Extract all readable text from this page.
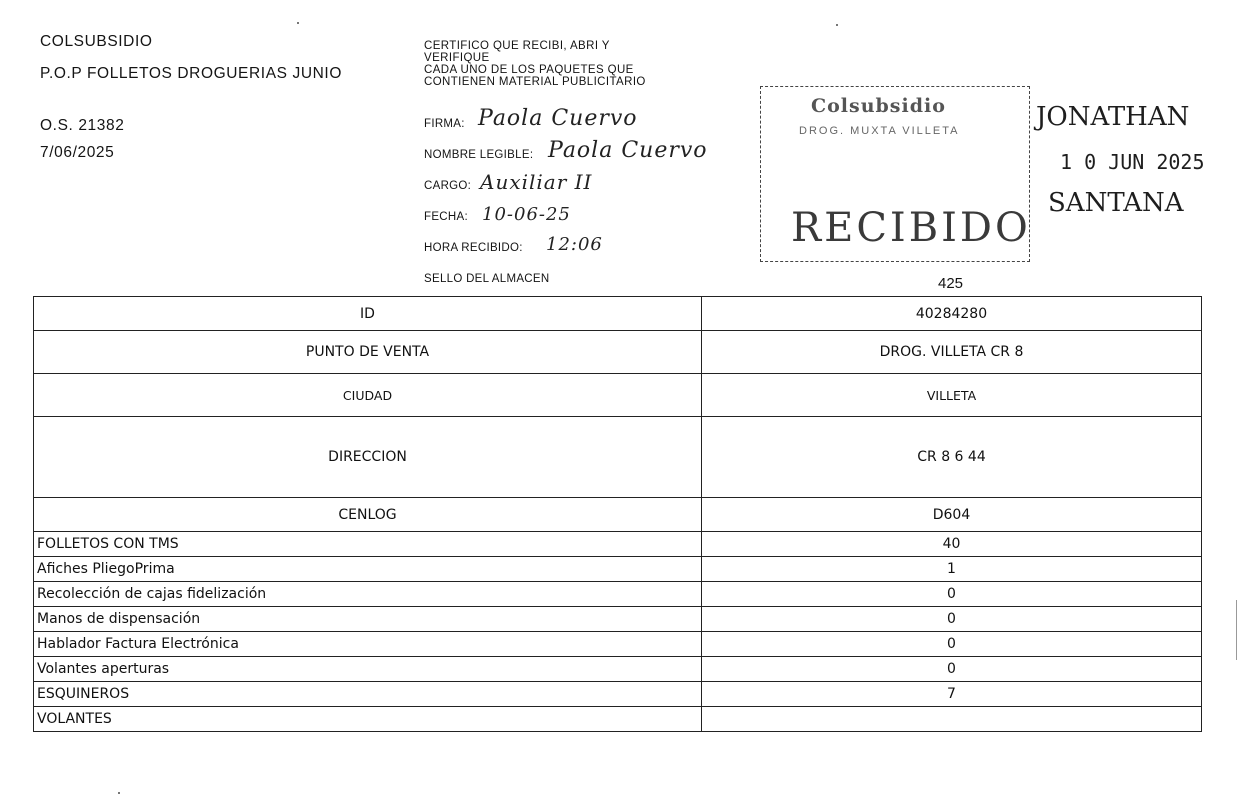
COLSUBSIDIO
P.O.P FOLLETOS DROGUERIAS JUNIO
O.S. 21382
7/06/2025
CERTIFICO QUE RECIBI, ABRI Y
VERIFIQUE
CADA UNO DE LOS PAQUETES QUE
CONTIENEN MATERIAL PUBLICITARIO
FIRMA: Paola Cuervo
NOMBRE LEGIBLE: Paola Cuervo
CARGO: Auxiliar II
FECHA: 10-06-25
HORA RECIBIDO: 12:06
SELLO DEL ALMACEN
Colsubsidio
DROG. MUXTA VILLETA
RECIBIDO
JONATHAN
1 0 JUN 2025
SANTANA
425
ID	40284280
PUNTO DE VENTA	DROG. VILLETA CR 8
CIUDAD	VILLETA
DIRECCION	CR 8 6 44
CENLOG	D604
FOLLETOS CON TMS	40
Afiches PliegoPrima	1
Recolección de cajas fidelización	0
Manos de dispensación	0
Hablador Factura Electrónica	0
Volantes aperturas	0
ESQUINEROS	7
VOLANTES	
